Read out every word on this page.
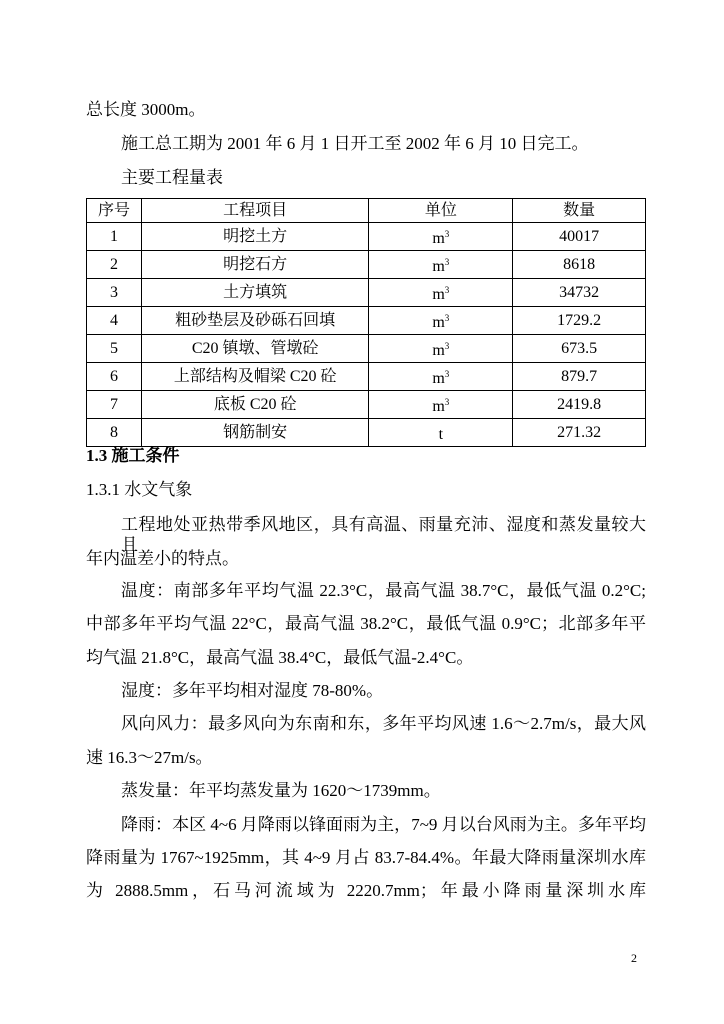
总长度 3000m。
施工总工期为 2001 年 6 月 1 日开工至 2002 年 6 月 10 日完工。
主要工程量表
序号	工程项目	单位	数量
1	明挖土方	$m^3$	40017
2	明挖石方	$m^3$	8618
3	土方填筑	$m^3$	34732
4	粗砂垫层及砂砾石回填	$m^3$	1729.2
5	C20 镇墩、管墩砼	$m^3$	673.5
6	上部结构及帽梁 C20 砼	$m^3$	879.7
7	底板 C20 砼	$m^3$	2419.8
8	钢筋制安	t	271.32
1.3 施工条件
1.3.1 水文气象
工程地处亚热带季风地区，具有高温、雨量充沛、湿度和蒸发量较大且
年内温差小的特点。
温度：南部多年平均气温 22.3°C，最高气温 38.7°C，最低气温 0.2°C;
中部多年平均气温 22°C，最高气温 38.2°C，最低气温 0.9°C；北部多年平
均气温 21.8°C，最高气温 38.4°C，最低气温-2.4°C。
湿度：多年平均相对湿度 78-80%。
风向风力：最多风向为东南和东，多年平均风速 1.6～2.7m/s，最大风
速 16.3～27m/s。
蒸发量：年平均蒸发量为 1620～1739mm。
降雨：本区 4~6 月降雨以锋面雨为主，7~9 月以台风雨为主。多年平均
降雨量为 1767~1925mm，其 4~9 月占 83.7-84.4%。年最大降雨量深圳水库
为 2888.5mm，石马河流域为 2220.7mm；年最小降雨量深圳水库
2
